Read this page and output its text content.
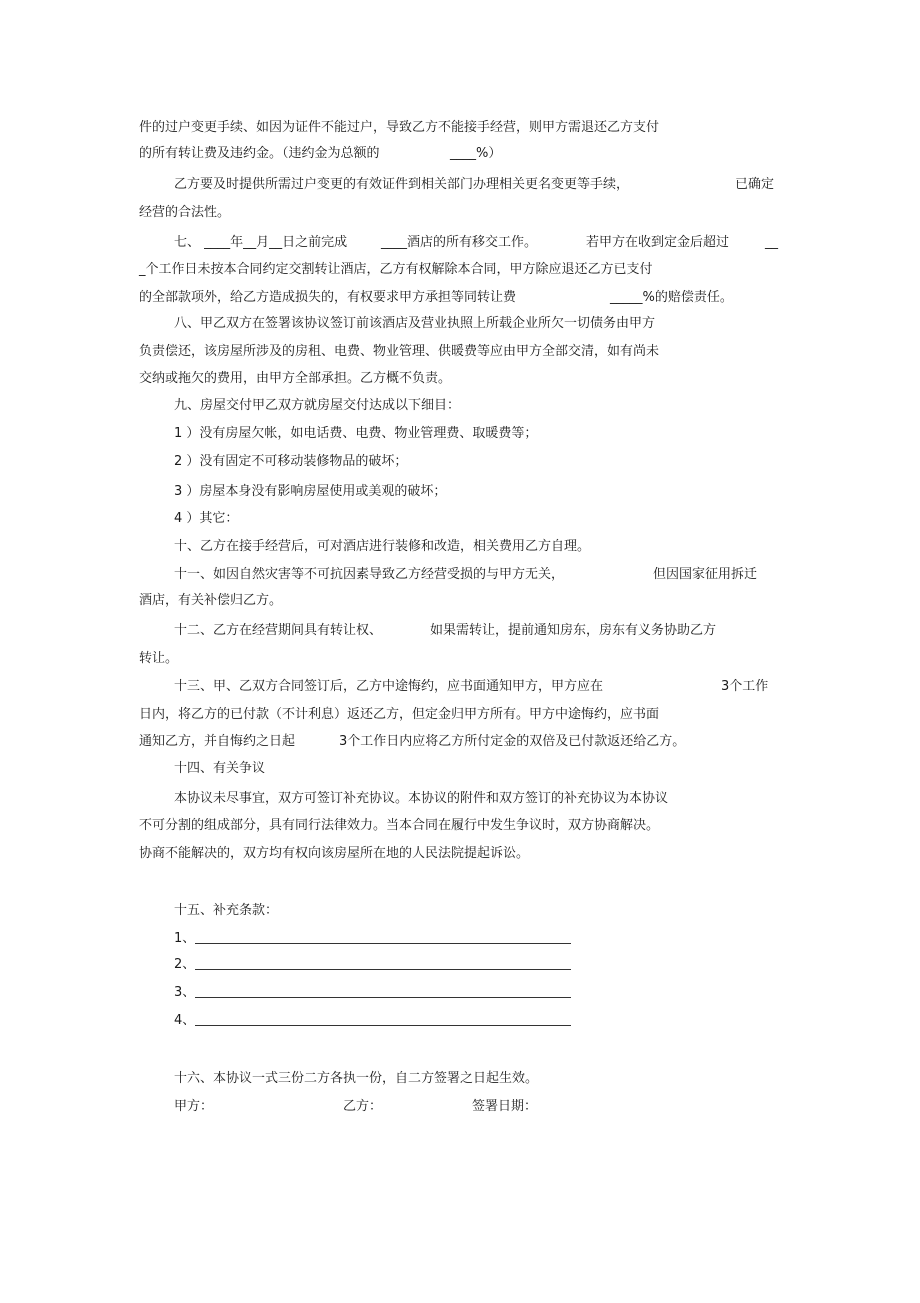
件的过户变更手续、如因为证件不能过户，导致乙方不能接手经营，则甲方需退还乙方支付
的所有转让费及违约金。（违约金为总额的	____%）
乙方要及时提供所需过户变更的有效证件到相关部门办理相关更名变更等手续，	已确定
经营的合法性。
七、 ____年__月__日之前完成	____酒店的所有移交工作。	若甲方在收到定金后超过	__
_个工作日未按本合同约定交割转让酒店，乙方有权解除本合同，甲方除应退还乙方已支付
的全部款项外，给乙方造成损失的，有权要求甲方承担等同转让费	_____%的赔偿责任。
八、甲乙双方在签署该协议签订前该酒店及营业执照上所载企业所欠一切债务由甲方
负责偿还，该房屋所涉及的房租、电费、物业管理、供暖费等应由甲方全部交清，如有尚未
交纳或拖欠的费用，由甲方全部承担。乙方概不负责。
九、房屋交付甲乙双方就房屋交付达成以下细目：
1 ）没有房屋欠帐，如电话费、电费、物业管理费、取暖费等；
2 ）没有固定不可移动装修物品的破坏；
3 ）房屋本身没有影响房屋使用或美观的破坏；
4 ）其它：
十、乙方在接手经营后，可对酒店进行装修和改造，相关费用乙方自理。
十一、如因自然灾害等不可抗因素导致乙方经营受损的与甲方无关，	但因国家征用拆迁
酒店，有关补偿归乙方。
十二、乙方在经营期间具有转让权、	如果需转让，提前通知房东，房东有义务协助乙方
转让。
十三、甲、乙双方合同签订后，乙方中途悔约，应书面通知甲方，甲方应在	3个工作
日内，将乙方的已付款（不计利息）返还乙方，但定金归甲方所有。甲方中途悔约，应书面
通知乙方，并自悔约之日起	3个工作日内应将乙方所付定金的双倍及已付款返还给乙方。
十四、有关争议
本协议未尽事宜，双方可签订补充协议。本协议的附件和双方签订的补充协议为本协议
不可分割的组成部分，具有同行法律效力。当本合同在履行中发生争议时，双方协商解决。
协商不能解决的，双方均有权向该房屋所在地的人民法院提起诉讼。
十五、补充条款：
1、
2、
3、
4、
十六、本协议一式三份二方各执一份，自二方签署之日起生效。
甲方：	乙方：	签署日期：
